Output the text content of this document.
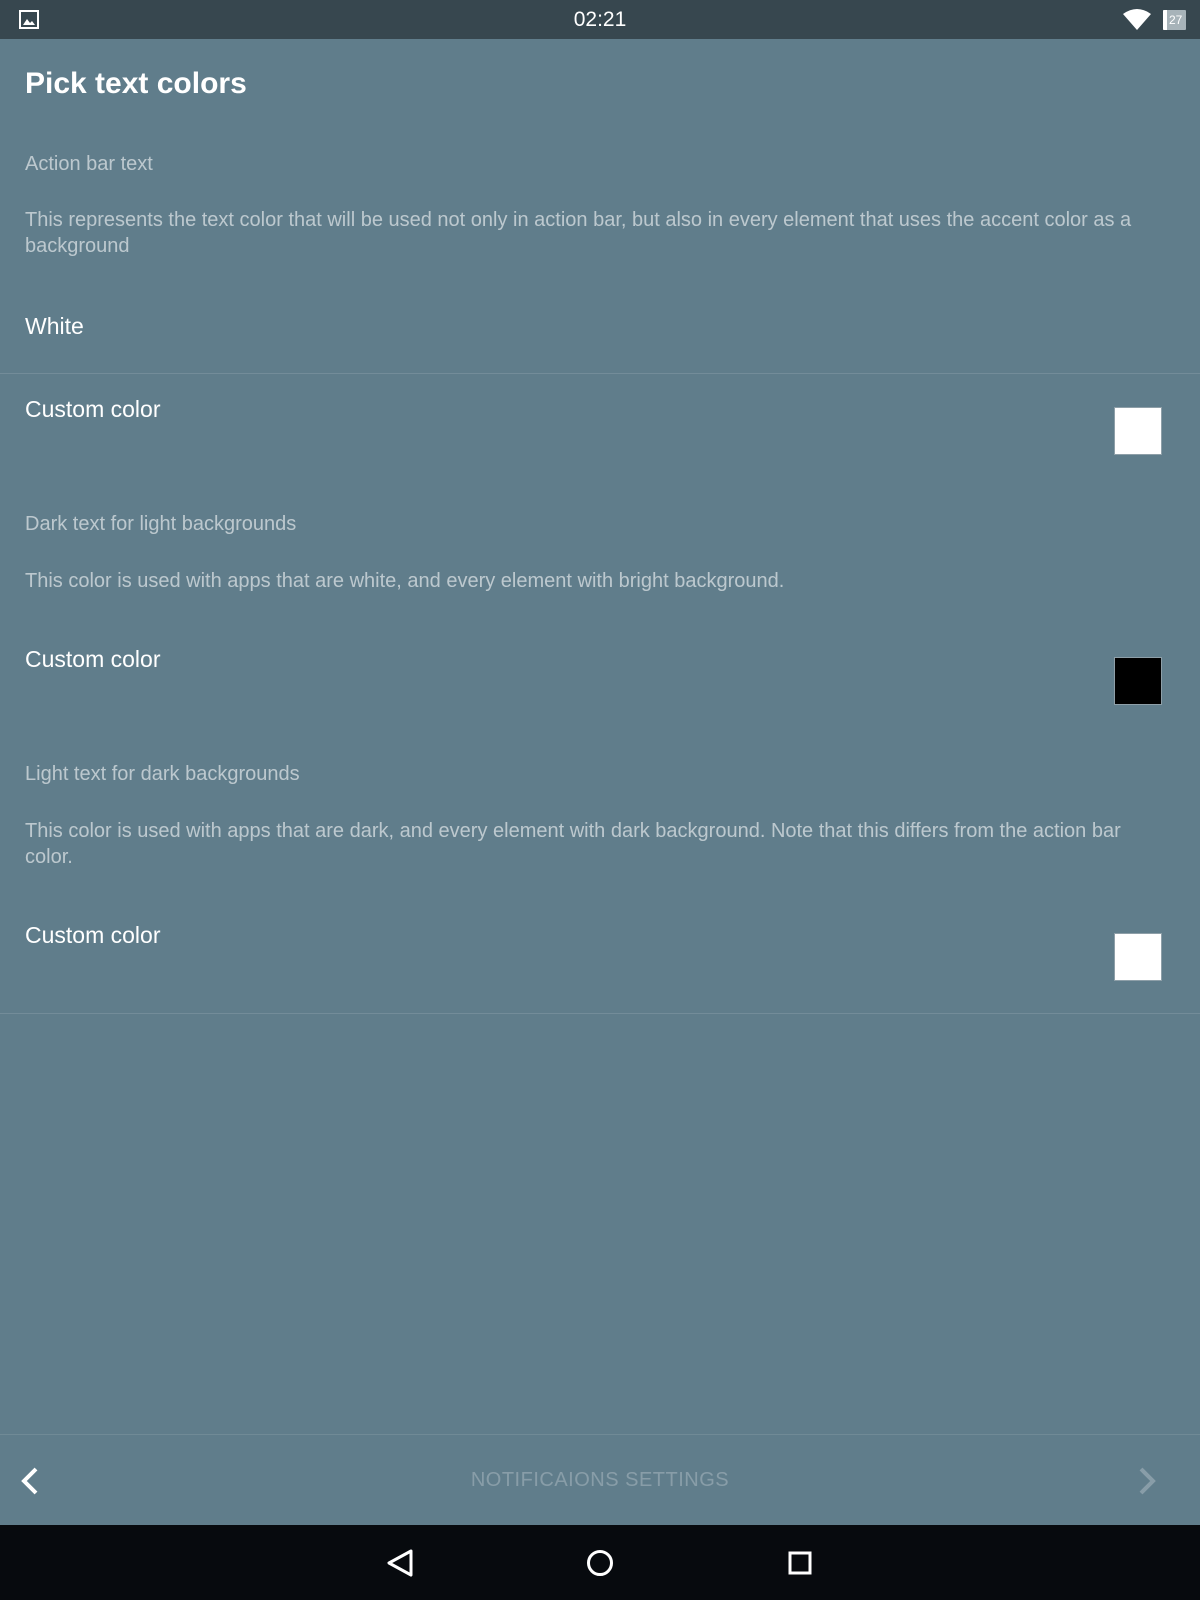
02:21	27
Pick text colors
Action bar text
This represents the text color that will be used not only in action bar, but also in every element that uses the accent color as a background
White
Custom color
Dark text for light backgrounds
This color is used with apps that are white, and every element with bright background.
Custom color
Light text for dark backgrounds
This color is used with apps that are dark, and every element with dark background. Note that this differs from the action bar color.
Custom color
NOTIFICAIONS SETTINGS
